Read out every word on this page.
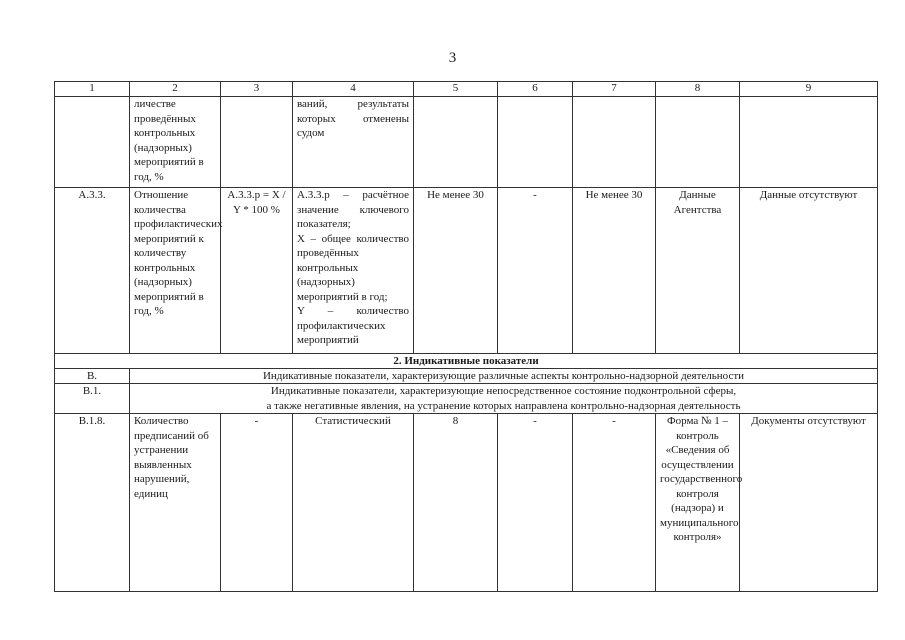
3
1	2	3	4	5	6	7	8	9
	личестве проведённых контрольных (надзорных) мероприятий в год, %		ваний, результаты которых отменены судом					
А.3.3.	Отношение количества профилактических мероприятий к количеству контрольных (надзорных) мероприятий в год, %	А.3.3.р = X / Y * 100 %	А.3.3.р – расчётное значение ключевого показателя;
X – общее количество проведённых контрольных (надзорных) мероприятий в год;
Y – количество профилактических мероприятий	Не менее 30	-	Не менее 30	Данные Агентства	Данные отсутствуют
2. Индикативные показатели								
В.	Индикативные показатели, характеризующие различные аспекты контрольно-надзорной деятельности							
В.1.	Индикативные показатели, характеризующие непосредственное состояние подконтрольной сферы,
а также негативные явления, на устранение которых направлена контрольно-надзорная деятельность							

В.1.8.	Количество предписаний об устранении выявленных нарушений, единиц	-	Статистический	8	-	-	Форма № 1 – контроль «Сведения об осуществлении государственного контроля (надзора) и муниципального контроля»	Документы отсутствуют
